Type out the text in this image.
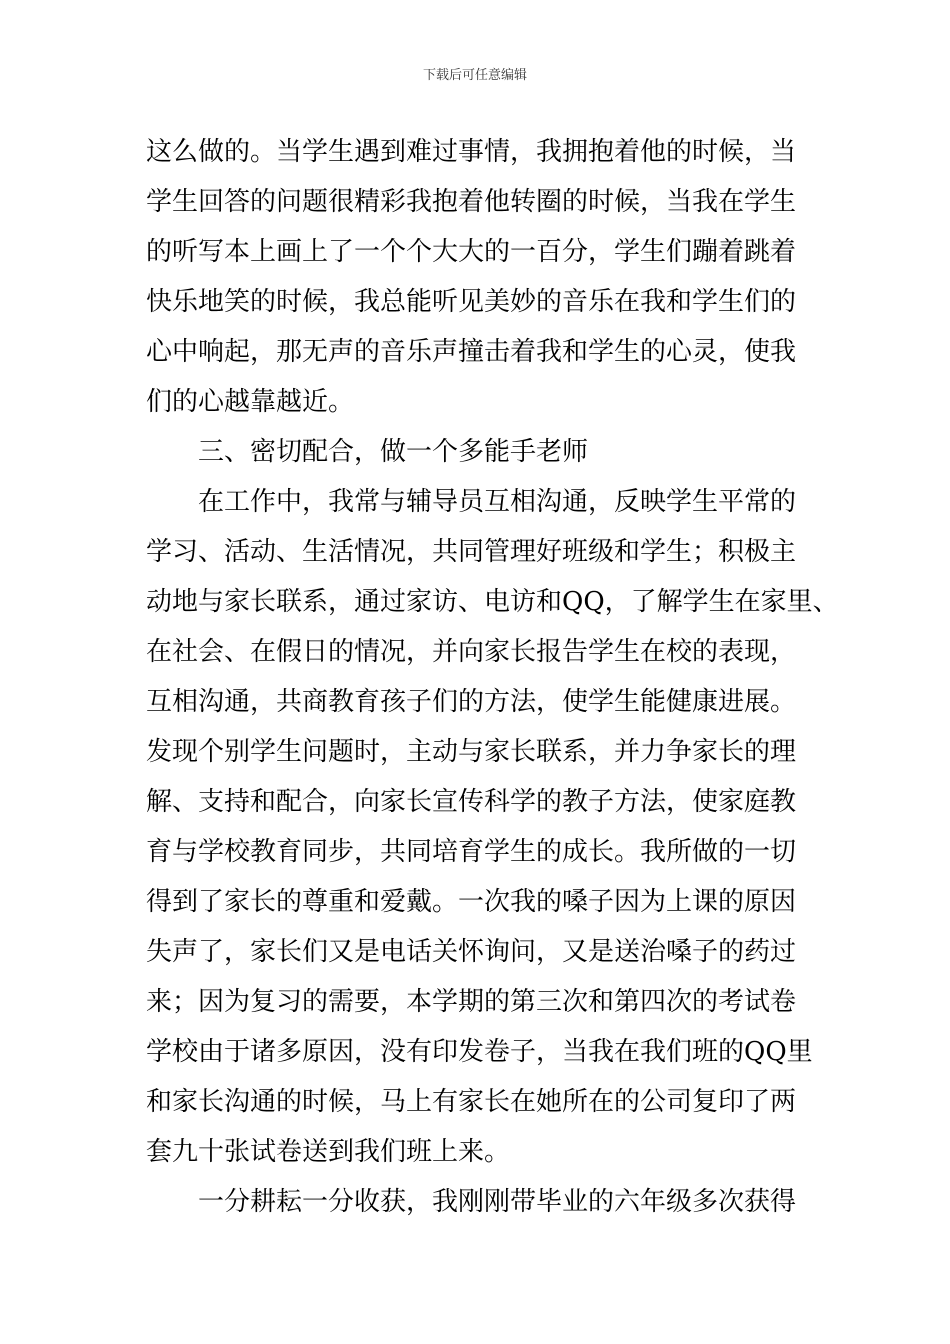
下载后可任意编辑
这么做的。当学生遇到难过事情，我拥抱着他的时候，当
学生回答的问题很精彩我抱着他转圈的时候，当我在学生
的听写本上画上了一个个大大的一百分，学生们蹦着跳着
快乐地笑的时候，我总能听见美妙的音乐在我和学生们的
心中响起，那无声的音乐声撞击着我和学生的心灵，使我
们的心越靠越近。
三、密切配合，做一个多能手老师
在工作中，我常与辅导员互相沟通，反映学生平常的
学习、活动、生活情况，共同管理好班级和学生；积极主
动地与家长联系，通过家访、电访和QQ，了解学生在家里、
在社会、在假日的情况，并向家长报告学生在校的表现，
互相沟通，共商教育孩子们的方法，使学生能健康进展。
发现个别学生问题时，主动与家长联系，并力争家长的理
解、支持和配合，向家长宣传科学的教子方法，使家庭教
育与学校教育同步，共同培育学生的成长。我所做的一切
得到了家长的尊重和爱戴。一次我的嗓子因为上课的原因
失声了，家长们又是电话关怀询问，又是送治嗓子的药过
来；因为复习的需要，本学期的第三次和第四次的考试卷
学校由于诸多原因，没有印发卷子，当我在我们班的QQ里
和家长沟通的时候，马上有家长在她所在的公司复印了两
套九十张试卷送到我们班上来。
一分耕耘一分收获，我刚刚带毕业的六年级多次获得
